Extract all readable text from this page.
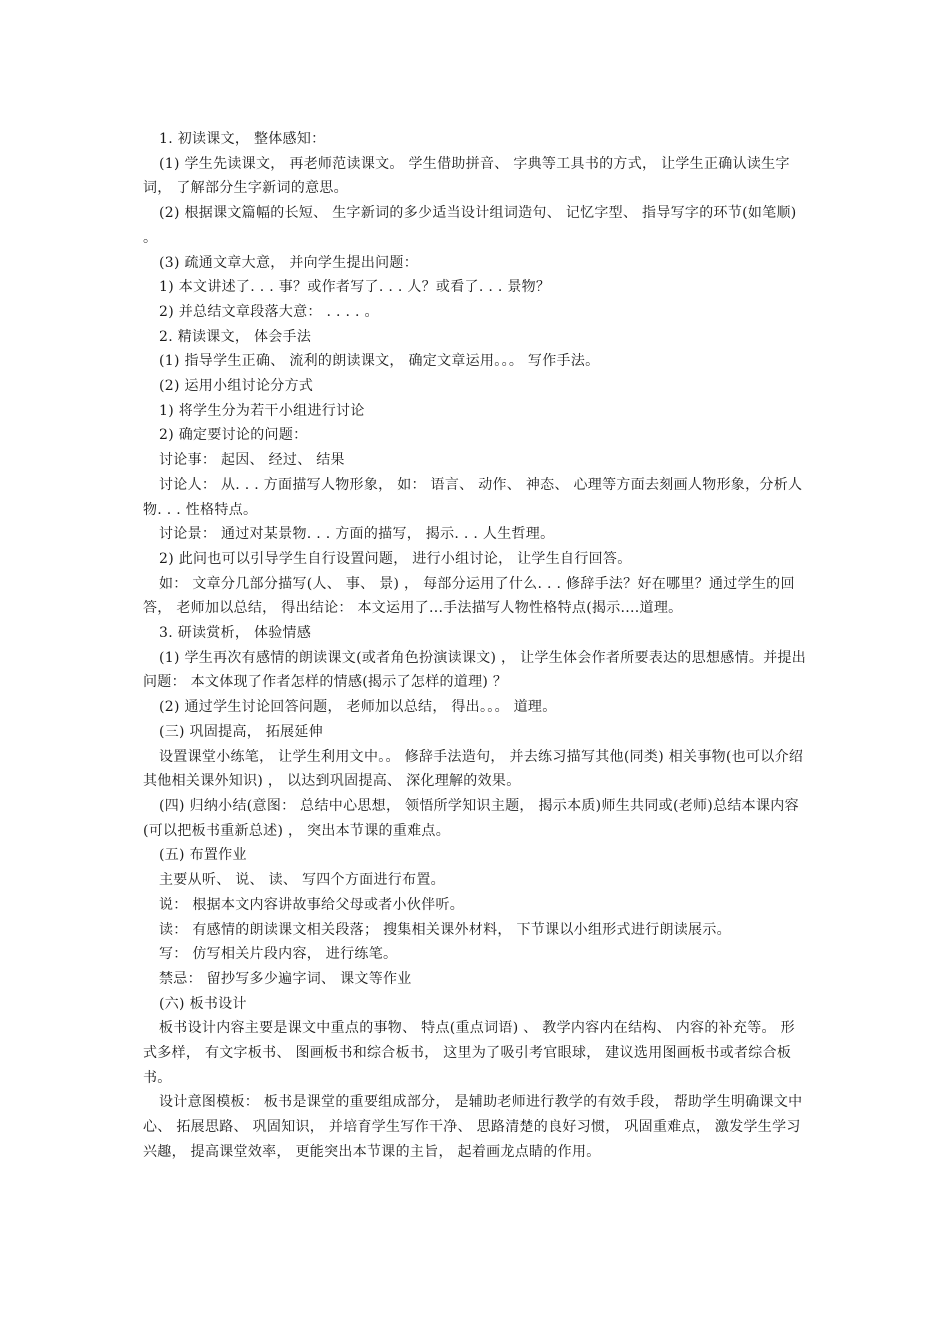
1. 初读课文， 整体感知：

(1) 学生先读课文， 再老师范读课文。 学生借助拼音、 字典等工具书的方式， 让学生正确认读生字词， 了解部分生字新词的意思。

(2) 根据课文篇幅的长短、 生字新词的多少适当设计组词造句、 记忆字型、 指导写字的环节(如笔顺) 。

(3) 疏通文章大意， 并向学生提出问题：

1) 本文讲述了. . . 事？或作者写了. . . 人？或看了. . . 景物？

2) 并总结文章段落大意： . . . . 。

2. 精读课文， 体会手法

(1) 指导学生正确、 流利的朗读课文， 确定文章运用。。。 写作手法。

(2) 运用小组讨论分方式

1) 将学生分为若干小组进行讨论

2) 确定要讨论的问题：

讨论事： 起因、 经过、 结果

讨论人： 从. . . 方面描写人物形象， 如： 语言、 动作、 神态、 心理等方面去刻画人物形象，分析人物. . . 性格特点。

讨论景： 通过对某景物. . . 方面的描写， 揭示. . . 人生哲理。

2) 此问也可以引导学生自行设置问题， 进行小组讨论， 让学生自行回答。

如： 文章分几部分描写(人、 事、 景) ， 每部分运用了什么. . . 修辞手法？好在哪里？通过学生的回答， 老师加以总结， 得出结论： 本文运用了...手法描写人物性格特点(揭示....道理。

3. 研读赏析， 体验情感

(1) 学生再次有感情的朗读课文(或者角色扮演读课文) ， 让学生体会作者所要表达的思想感情。并提出问题： 本文体现了作者怎样的情感(揭示了怎样的道理) ？

(2) 通过学生讨论回答问题， 老师加以总结， 得出。。。 道理。

(三) 巩固提高， 拓展延伸

设置课堂小练笔， 让学生利用文中。。 修辞手法造句， 并去练习描写其他(同类) 相关事物(也可以介绍其他相关课外知识) ， 以达到巩固提高、 深化理解的效果。

(四) 归纳小结(意图： 总结中心思想， 领悟所学知识主题， 揭示本质)师生共同或(老师)总结本课内容(可以把板书重新总述) ， 突出本节课的重难点。

(五) 布置作业

主要从听、 说、 读、 写四个方面进行布置。

说： 根据本文内容讲故事给父母或者小伙伴听。

读： 有感情的朗读课文相关段落； 搜集相关课外材料， 下节课以小组形式进行朗读展示。

写： 仿写相关片段内容， 进行练笔。

禁忌： 留抄写多少遍字词、 课文等作业

(六) 板书设计

板书设计内容主要是课文中重点的事物、 特点(重点词语) 、 教学内容内在结构、 内容的补充等。 形式多样， 有文字板书、 图画板书和综合板书， 这里为了吸引考官眼球， 建议选用图画板书或者综合板书。

设计意图模板： 板书是课堂的重要组成部分， 是辅助老师进行教学的有效手段， 帮助学生明确课文中心、 拓展思路、 巩固知识， 并培育学生写作干净、 思路清楚的良好习惯， 巩固重难点， 激发学生学习兴趣， 提高课堂效率， 更能突出本节课的主旨， 起着画龙点睛的作用。
